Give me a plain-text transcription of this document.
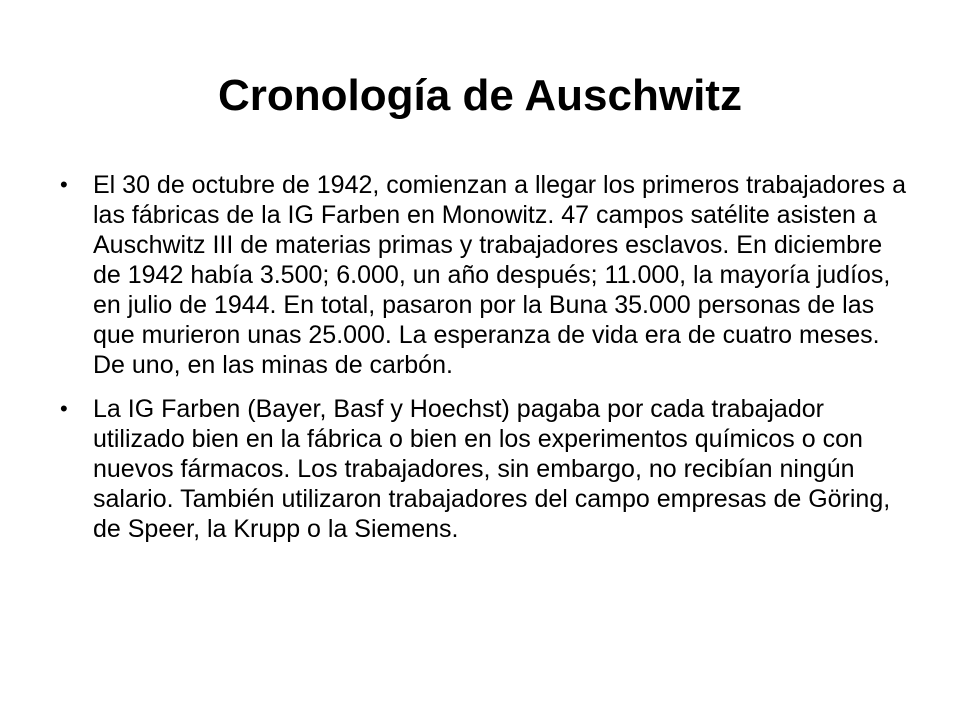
Cronología de Auschwitz
•	El 30 de octubre de 1942, comienzan a llegar los primeros trabajadores a las fábricas de la IG Farben en Monowitz. 47 campos satélite asisten a Auschwitz III de materias primas y trabajadores esclavos. En diciembre de 1942 había 3.500; 6.000, un año después; 11.000, la mayoría judíos, en julio de 1944. En total, pasaron por la Buna 35.000 personas de las que murieron unas 25.000. La esperanza de vida era de cuatro meses. De uno, en las minas de carbón.
•	La IG Farben (Bayer, Basf y Hoechst) pagaba por cada trabajador utilizado bien en la fábrica o bien en los experimentos químicos o con nuevos fármacos. Los trabajadores, sin embargo, no recibían ningún salario. También utilizaron trabajadores del campo empresas de Göring, de Speer, la Krupp o la Siemens.
